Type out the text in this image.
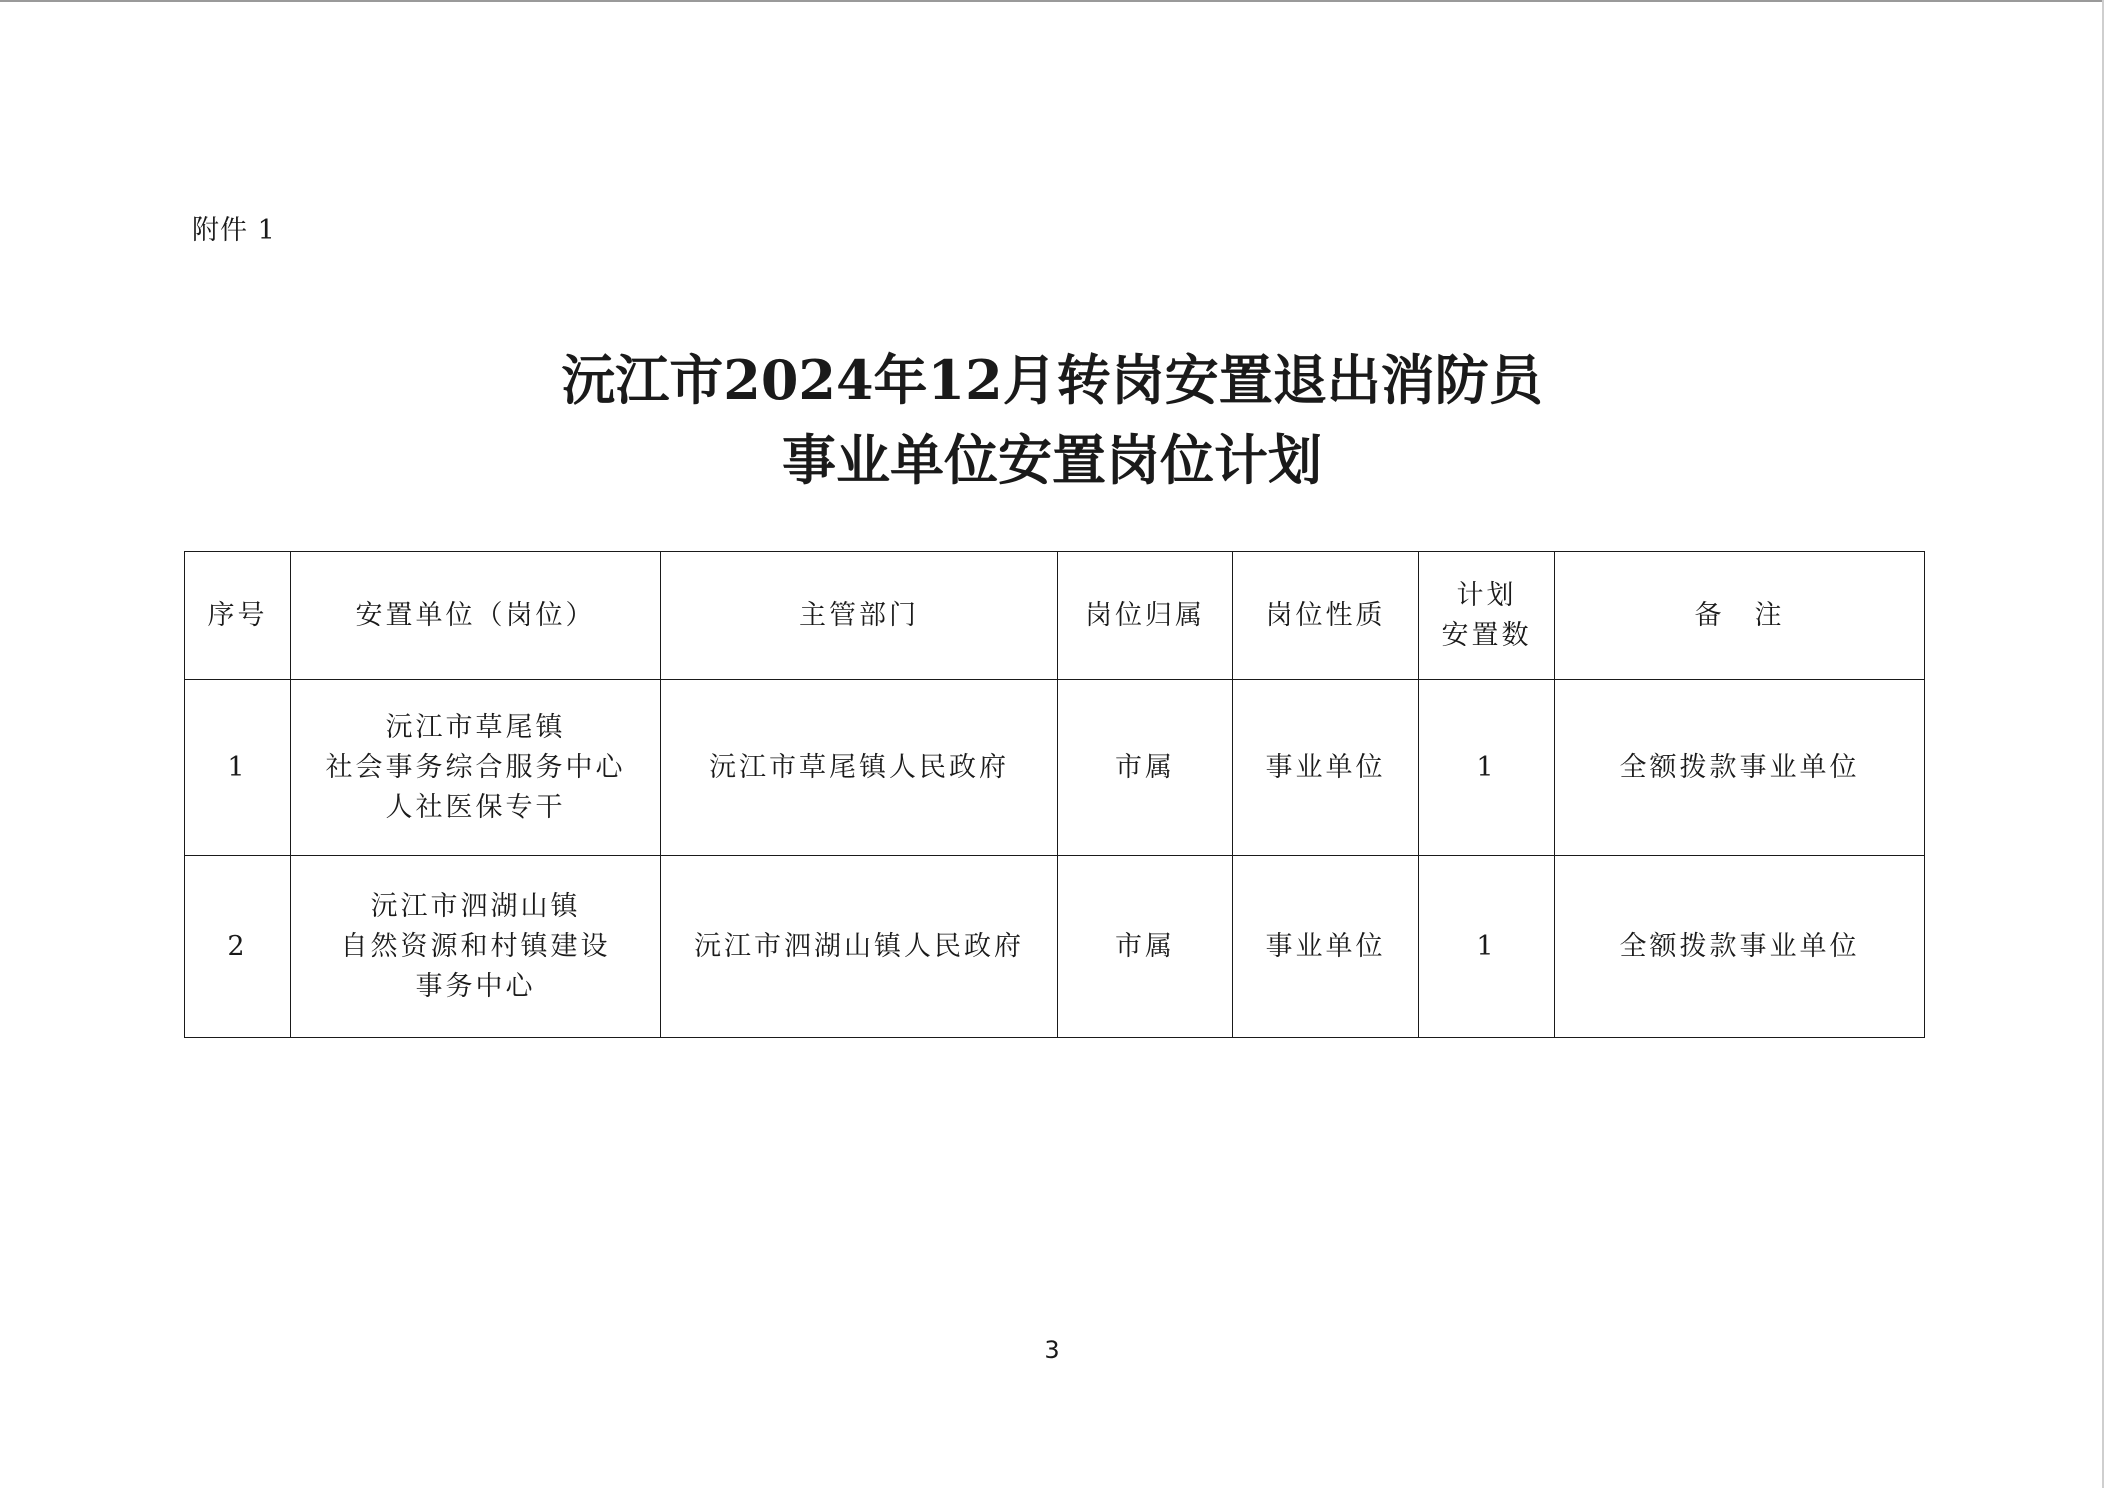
附件 1
沅江市2024年12月转岗安置退出消防员
事业单位安置岗位计划
序号	安置单位（岗位）	主管部门	岗位归属	岗位性质	计划
安置数	备　注
1	沅江市草尾镇
社会事务综合服务中心
人社医保专干	沅江市草尾镇人民政府	市属	事业单位	1	全额拨款事业单位
2	沅江市泗湖山镇
自然资源和村镇建设
事务中心	沅江市泗湖山镇人民政府	市属	事业单位	1	全额拨款事业单位
3
